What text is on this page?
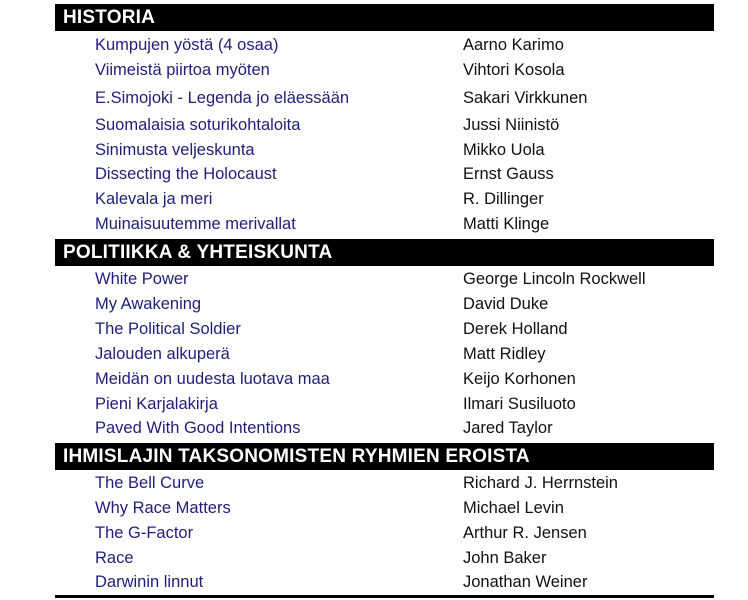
HISTORIA
Kumpujen yöstä (4 osaa)	Aarno Karimo
Viimeistä piirtoa myöten	Vihtori Kosola
E.Simojoki - Legenda jo eläessään	Sakari Virkkunen
Suomalaisia soturikohtaloita	Jussi Niinistö
Sinimusta veljeskunta	Mikko Uola
Dissecting the Holocaust	Ernst Gauss
Kalevala ja meri	R. Dillinger
Muinaisuutemme merivallat	Matti Klinge
POLITIIKKA & YHTEISKUNTA
White Power	George Lincoln Rockwell
My Awakening	David Duke
The Political Soldier	Derek Holland
Jalouden alkuperä	Matt Ridley
Meidän on uudesta luotava maa	Keijo Korhonen
Pieni Karjalakirja	Ilmari Susiluoto
Paved With Good Intentions	Jared Taylor
IHMISLAJIN TAKSONOMISTEN RYHMIEN EROISTA
The Bell Curve	Richard J. Herrnstein
Why Race Matters	Michael Levin
The G-Factor	Arthur R. Jensen
Race	John Baker
Darwinin linnut	Jonathan Weiner
